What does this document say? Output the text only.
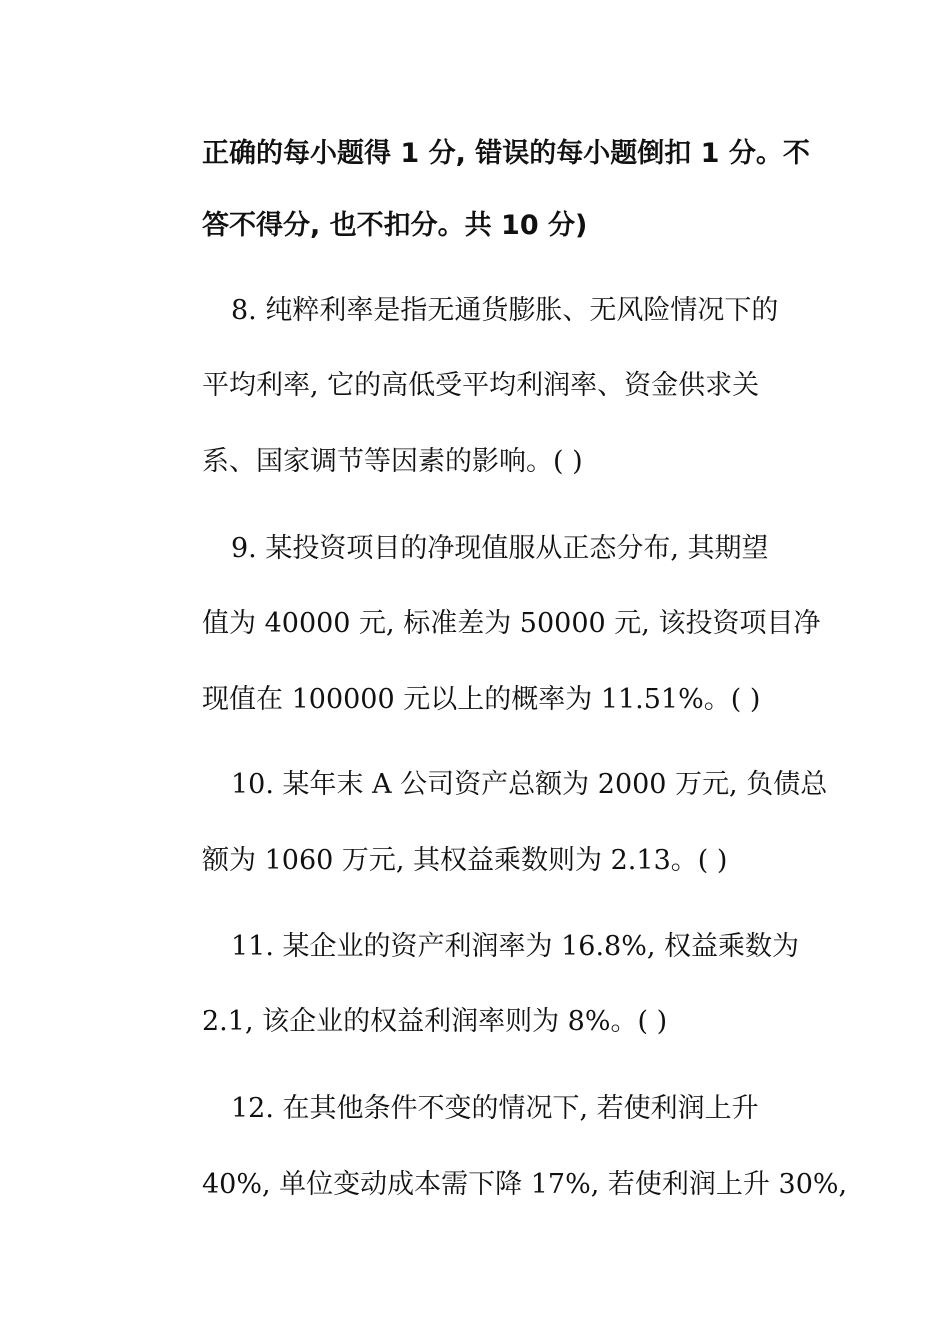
正确的每小题得 1 分, 错误的每小题倒扣 1 分。不
答不得分, 也不扣分。共 10 分)
8. 纯粹利率是指无通货膨胀、无风险情况下的
平均利率, 它的高低受平均利润率、资金供求关
系、国家调节等因素的影响。( )
9. 某投资项目的净现值服从正态分布, 其期望
值为 40000 元, 标准差为 50000 元, 该投资项目净
现值在 100000 元以上的概率为 11.51%。( )
10. 某年末 A 公司资产总额为 2000 万元, 负债总
额为 1060 万元, 其权益乘数则为 2.13。( )
11. 某企业的资产利润率为 16.8%, 权益乘数为
2.1, 该企业的权益利润率则为 8%。( )
12. 在其他条件不变的情况下, 若使利润上升
40%, 单位变动成本需下降 17%, 若使利润上升 30%,
